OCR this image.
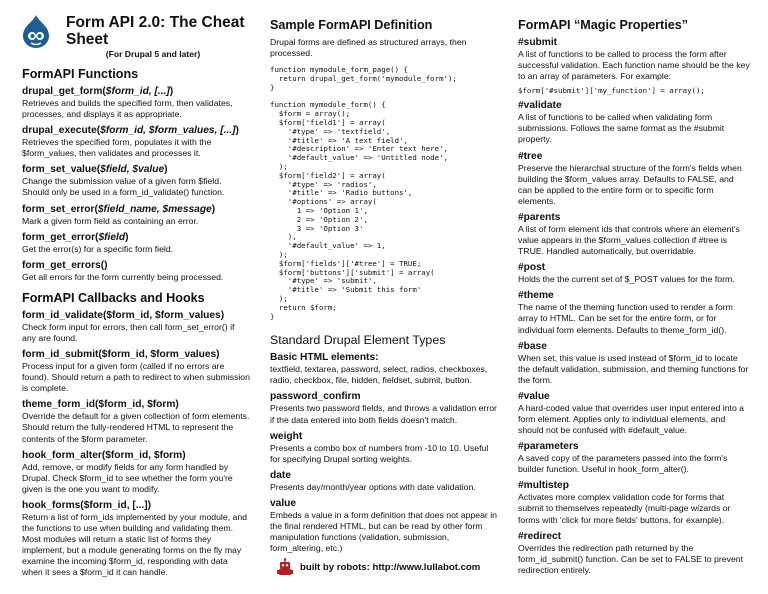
Form API 2.0: The Cheat Sheet
(For Drupal 5 and later)
FormAPI Functions
drupal_get_form($form_id, [...])
Retrieves and builds the specified form, then validates, processes, and displays it as appropriate.
drupal_execute($form_id, $form_values, [...])
Retrieves the specified form, populates it with the $form_values, then validates and processes it.
form_set_value($field, $value)
Change the submission value of a given form $field. Should only be used in a form_id_validate() function.
form_set_error($field_name, $message)
Mark a given form field as containing an error.
form_get_error($field)
Get the error(s) for a specific form field.
form_get_errors()
Get all errors for the form currently being processed.
FormAPI Callbacks and Hooks
form_id_validate($form_id, $form_values)
Check form input for errors, then call form_set_error() if any are found.
form_id_submit($form_id, $form_values)
Process input for a given form (called if no errors are found). Should return a path to redirect to when submission is complete.
theme_form_id($form_id, $form)
Override the default for a given collection of form elements. Should return the fully-rendered HTML to represent the contents of the $form parameter.
hook_form_alter($form_id, $form)
Add, remove, or modify fields for any form handled by Drupal. Check $form_id to see whether the form you're given is the one you want to modify.
hook_forms($form_id, [...])
Return a list of form_ids implemented by your module, and the functions to use when building and validating them. Most modules will return a static list of forms they implement, but a module generating forms on the fly may examine the incoming $form_id, responding with data when it sees a $form_id it can handle.
Sample FormAPI Definition
Drupal forms are defined as structured arrays, then processed.
function mymodule_form_page() {
return drupal_get_form('mymodule_form');
}

function mymodule_form() {
$form = array();
$form['field1'] = array(
'#type' => 'textfield',
'#title' => 'A text field',
'#description' => 'Enter text here',
'#default_value' => 'Untitled node',
);
$form['field2'] = array(
'#type' => 'radios',
'#title' => 'Radio buttons',
'#options' => array(
1 => 'Option 1',
2 => 'Option 2',
3 => 'Option 3'
),
'#default_value' => 1,
);
$form['fields']['#tree'] = TRUE;
$form['buttons']['submit'] = array(
'#type' => 'submit',
'#title' => 'Submit this form'
);
return $form;
}
Standard Drupal Element Types
Basic HTML elements:
textfield, textarea, password, select, radios, checkboxes, radio, checkbox, file, hidden, fieldset, submit, button.
password_confirm
Presents two password fields, and throws a validation error if the data entered into both fields doesn't match.
weight
Presents a combo box of numbers from -10 to 10. Useful for specifying Drupal sorting weights.
date
Presents day/month/year options with date validation.
value
Embeds a value in a form definition that does not appear in the final rendered HTML, but can be read by other form manipulation functions (validation, submission, form_altering, etc.)
built by robots: http://www.lullabot.com
FormAPI “Magic Properties”
#submit
A list of functions to be called to process the form after successful validation. Each function name should be the key to an array of parameters. For example:
$form['#submit']['my_function'] = array();
#validate
A list of functions to be called when validating form submissions. Follows the same format as the #submit property.
#tree
Preserve the hierarchial structure of the form's fields when building the $form_values array. Defaults to FALSE, and can be applied to the entire form or to specific form elements.
#parents
A list of form element ids that controls where an element's value appears in the $form_values collection if #tree is TRUE. Handled automatically, but overridable.
#post
Holds the the current set of $_POST values for the form.
#theme
The name of the theming function used to render a form array to HTML. Can be set for the entire form, or for individual form elements. Defaults to theme_form_id().
#base
When set, this value is used instead of $form_id to locate the default validation, submission, and theming functions for the form.
#value
A hard-coded value that overrides user input entered into a form element. Applies only to individual elements, and should not be confused with #default_value.
#parameters
A saved copy of the parameters passed into the form's builder function. Useful in hook_form_alter().
#multistep
Activates more complex validation code for forms that submit to themselves repeatedly (multi-page wizards or forms with 'click for more fields' buttons, for example).
#redirect
Overrides the redirection path returned by the form_id_submit() function. Can be set to FALSE to prevent redirection entirely.
